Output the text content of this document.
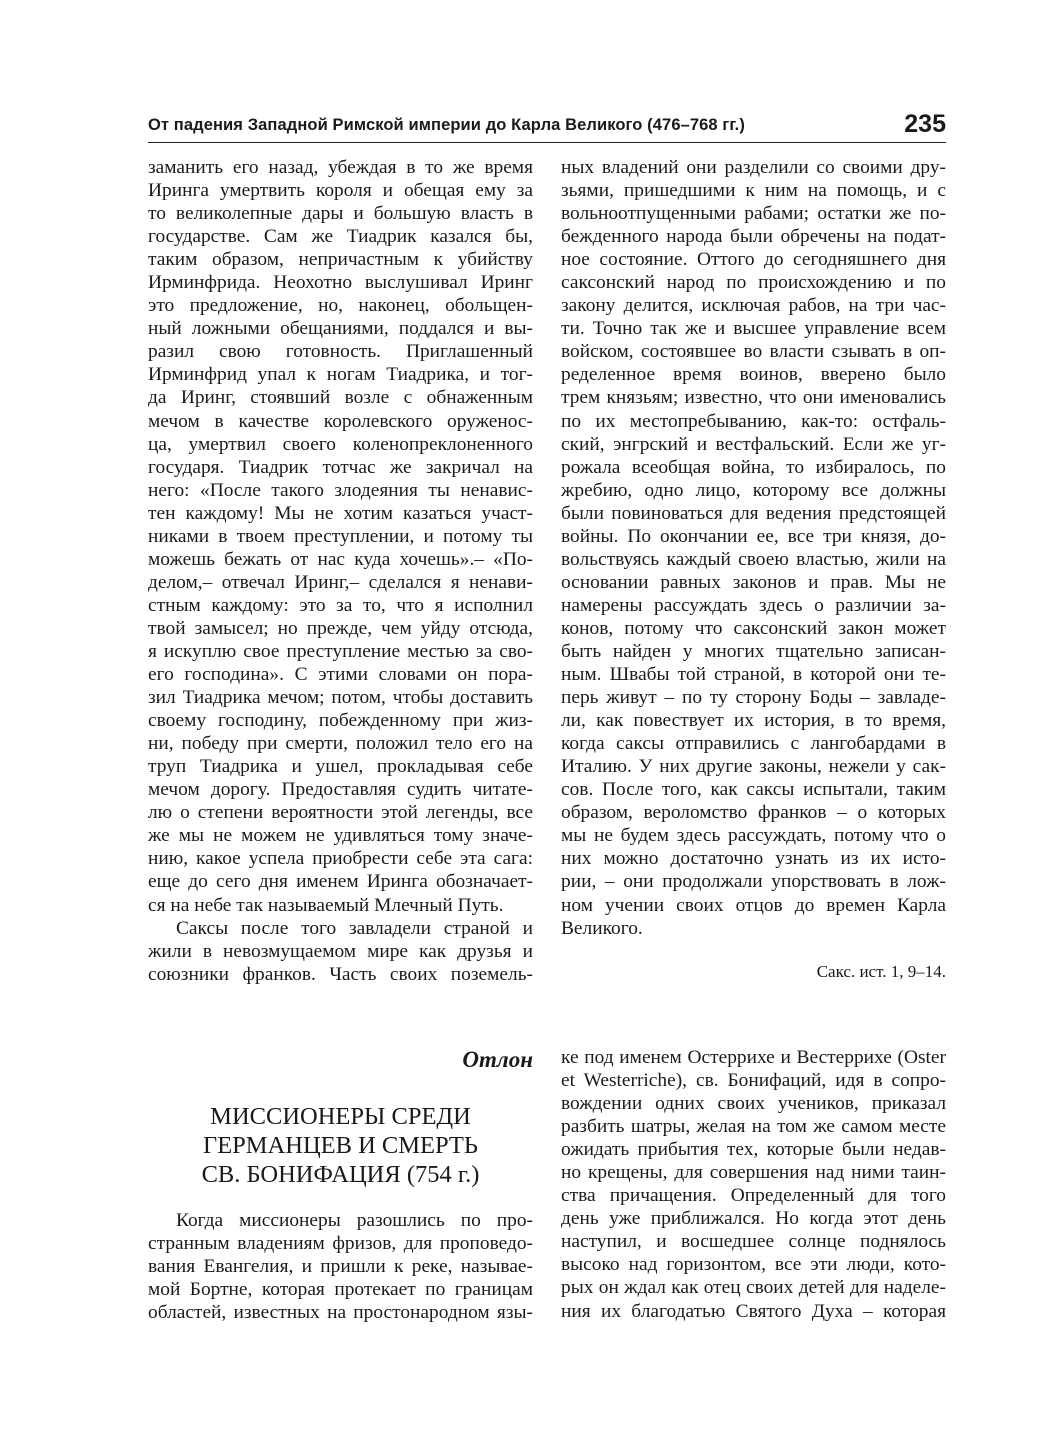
От падения Западной Римской империи до Карла Великого (476–768 гг.)	235
заманить его назад, убеждая в то же время
Иринга умертвить короля и обещая ему за
то великолепные дары и большую власть в
государстве. Сам же Тиадрик казался бы,
таким образом, непричастным к убийству
Ирминфрида. Неохотно выслушивал Иринг
это предложение, но, наконец, обольщен-
ный ложными обещаниями, поддался и вы-
разил свою готовность. Приглашенный
Ирминфрид упал к ногам Тиадрика, и тог-
да Иринг, стоявший возле с обнаженным
мечом в качестве королевского оруженос-
ца, умертвил своего коленопреклоненного
государя. Тиадрик тотчас же закричал на
него: «После такого злодеяния ты ненавис-
тен каждому! Мы не хотим казаться участ-
никами в твоем преступлении, и потому ты
можешь бежать от нас куда хочешь».– «По-
делом,– отвечал Иринг,– сделался я ненави-
стным каждому: это за то, что я исполнил
твой замысел; но прежде, чем уйду отсюда,
я искуплю свое преступление местью за сво-
его господина». С этими словами он пора-
зил Тиадрика мечом; потом, чтобы доставить
своему господину, побежденному при жиз-
ни, победу при смерти, положил тело его на
труп Тиадрика и ушел, прокладывая себе
мечом дорогу. Предоставляя судить читате-
лю о степени вероятности этой легенды, все
же мы не можем не удивляться тому значе-
нию, какое успела приобрести себе эта сага:
еще до сего дня именем Иринга обозначает-
ся на небе так называемый Млечный Путь.
Саксы после того завладели страной и
жили в невозмущаемом мире как друзья и
союзники франков. Часть своих поземель-
ных владений они разделили со своими дру-
зьями, пришедшими к ним на помощь, и с
вольноотпущенными рабами; остатки же по-
бежденного народа были обречены на подат-
ное состояние. Оттого до сегодняшнего дня
саксонский народ по происхождению и по
закону делится, исключая рабов, на три час-
ти. Точно так же и высшее управление всем
войском, состоявшее во власти сзывать в оп-
ределенное время воинов, вверено было
трем князьям; известно, что они именовались
по их местопребыванию, как-то: остфаль-
ский, энгрский и вестфальский. Если же уг-
рожала всеобщая война, то избиралось, по
жребию, одно лицо, которому все должны
были повиноваться для ведения предстоящей
войны. По окончании ее, все три князя, до-
вольствуясь каждый своею властью, жили на
основании равных законов и прав. Мы не
намерены рассуждать здесь о различии за-
конов, потому что саксонский закон может
быть найден у многих тщательно записан-
ным. Швабы той страной, в которой они те-
перь живут – по ту сторону Боды – завладе-
ли, как повествует их история, в то время,
когда саксы отправились с лангобардами в
Италию. У них другие законы, нежели у сак-
сов. После того, как саксы испытали, таким
образом, вероломство франков – о которых
мы не будем здесь рассуждать, потому что о
них можно достаточно узнать из их исто-
рии, – они продолжали упорствовать в лож-
ном учении своих отцов до времен Карла
Великого.
Сакс. ист. 1, 9–14.
Отлон
МИССИОНЕРЫ СРЕДИ
ГЕРМАНЦЕВ И СМЕРТЬ
СВ. БОНИФАЦИЯ (754 г.)
Когда миссионеры разошлись по про-
странным владениям фризов, для проповедо-
вания Евангелия, и пришли к реке, называе-
мой Бортне, которая протекает по границам
областей, известных на простонародном язы-
ке под именем Остеррихе и Вестеррихе (Oster
et Westerriche), св. Бонифаций, идя в сопро-
вождении одних своих учеников, приказал
разбить шатры, желая на том же самом месте
ожидать прибытия тех, которые были недав-
но крещены, для совершения над ними таин-
ства причащения. Определенный для того
день уже приближался. Но когда этот день
наступил, и восшедшее солнце поднялось
высоко над горизонтом, все эти люди, кото-
рых он ждал как отец своих детей для наделе-
ния их благодатью Святого Духа – которая
